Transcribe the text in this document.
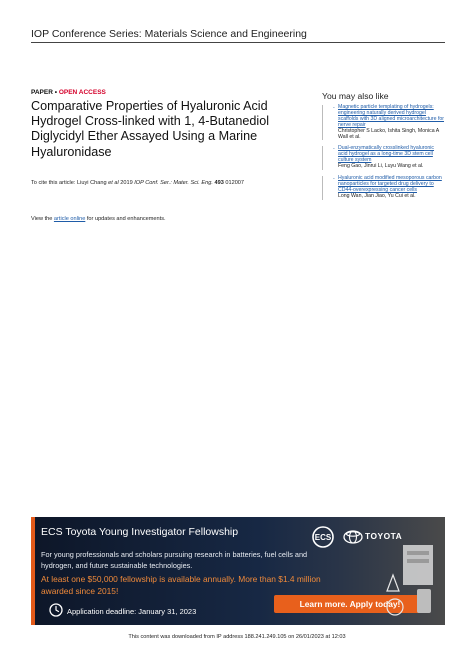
IOP Conference Series: Materials Science and Engineering
PAPER • OPEN ACCESS
Comparative Properties of Hyaluronic Acid Hydrogel Cross-linked with 1, 4-Butanediol Diglycidyl Ether Assayed Using a Marine Hyaluronidase
To cite this article: Liuyi Chang et al 2019 IOP Conf. Ser.: Mater. Sci. Eng. 493 012007
View the article online for updates and enhancements.
You may also like
- Magnetic particle templating of hydrogels: engineering naturally derived hydrogel scaffolds with 3D aligned microarchitecture for nerve repair
Christopher S Lacko, Ishita Singh, Monica A Wall et al.
- Dual-enzymatically crosslinked hyaluronic acid hydrogel as a long-time 3D stem cell culture system
Feng Gao, Jinrui Li, Luyu Wang et al.
- Hyaluronic acid modified mesoporous carbon nanoparticles for targeted drug delivery to CD44-overexpressing cancer cells
Long Wan, Jian Jiao, Yu Cui et al.
ECS Toyota Young Investigator Fellowship	ECS	TOYOTA
For young professionals and scholars pursuing research in batteries, fuel cells and hydrogen, and future sustainable technologies.
At least one $50,000 fellowship is available annually. More than $1.4 million awarded since 2015!
Application deadline: January 31, 2023
Learn more. Apply today!
This content was downloaded from IP address 188.241.249.105 on 26/01/2023 at 12:03
